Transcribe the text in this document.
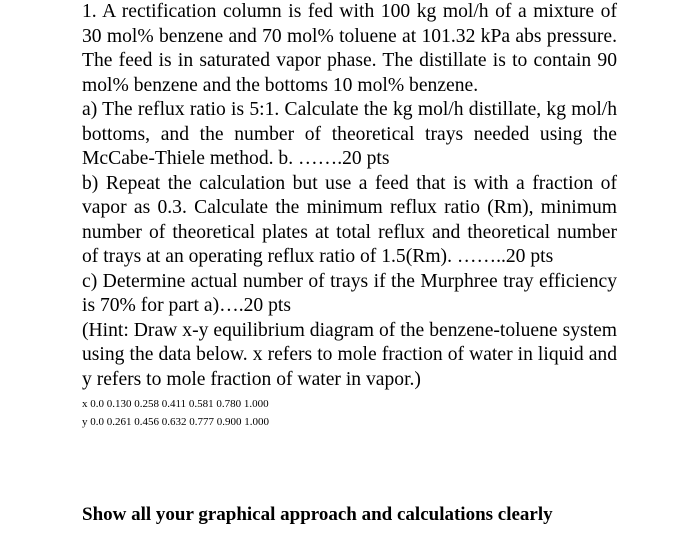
1. A rectification column is fed with 100 kg mol/h of a mixture of 30 mol% benzene and 70 mol% toluene at 101.32 kPa abs pressure. The feed is in saturated vapor phase. The distillate is to contain 90 mol% benzene and the bottoms 10 mol% benzene.

a) The reflux ratio is 5:1. Calculate the kg mol/h distillate, kg mol/h bottoms, and the number of theoretical trays needed using the McCabe-Thiele method. b. …….20 pts

b) Repeat the calculation but use a feed that is with a fraction of vapor as 0.3. Calculate the minimum reflux ratio (Rm), minimum number of theoretical plates at total reflux and theoretical number of trays at an operating reflux ratio of 1.5(Rm). ……..20 pts

c) Determine actual number of trays if the Murphree tray efficiency is 70% for part a)….20 pts

(Hint: Draw x-y equilibrium diagram of the benzene-toluene system using the data below. x refers to mole fraction of water in liquid and y refers to mole fraction of water in vapor.)

x 0.0 0.130 0.258 0.411 0.581 0.780 1.000

y 0.0 0.261 0.456 0.632 0.777 0.900 1.000

Show all your graphical approach and calculations clearly
